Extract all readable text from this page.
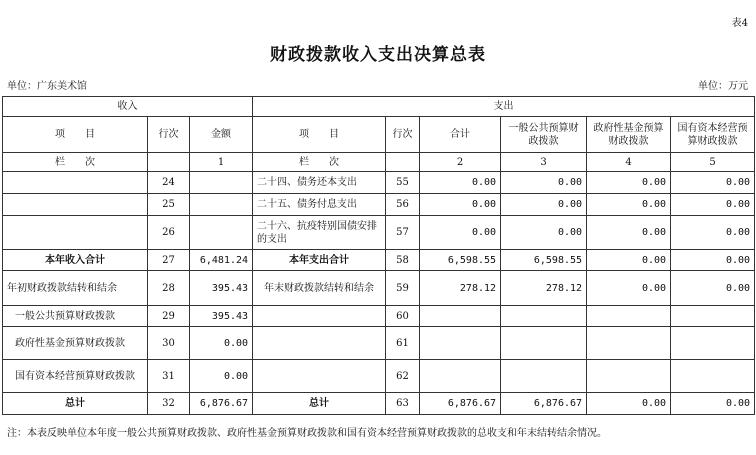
表4
财政拨款收入支出决算总表
单位：广东美术馆	单位：万元
收入			支出					
项　　目	行次	金额	项　　目	行次	合计	一般公共预算财政拨款	政府性基金预算财政拨款	国有资本经营预算财政拨款
栏　　次		1	栏　　次		2	3	4	5
	24		二十四、债务还本支出	55	0.00	0.00	0.00	0.00
	25		二十五、债务付息支出	56	0.00	0.00	0.00	0.00
	26		二十六、抗疫特别国债安排的支出	57	0.00	0.00	0.00	0.00
本年收入合计	27	6,481.24	本年支出合计	58	6,598.55	6,598.55	0.00	0.00
年初财政拨款结转和结余	28	395.43	年末财政拨款结转和结余	59	278.12	278.12	0.00	0.00
一般公共预算财政拨款	29	395.43		60				
政府性基金预算财政拨款	30	0.00		61				
国有资本经营预算财政拨款	31	0.00		62				
总计	32	6,876.67	总计	63	6,876.67	6,876.67	0.00	0.00
注：本表反映单位本年度一般公共预算财政拨款、政府性基金预算财政拨款和国有资本经营预算财政拨款的总收支和年末结转结余情况。
